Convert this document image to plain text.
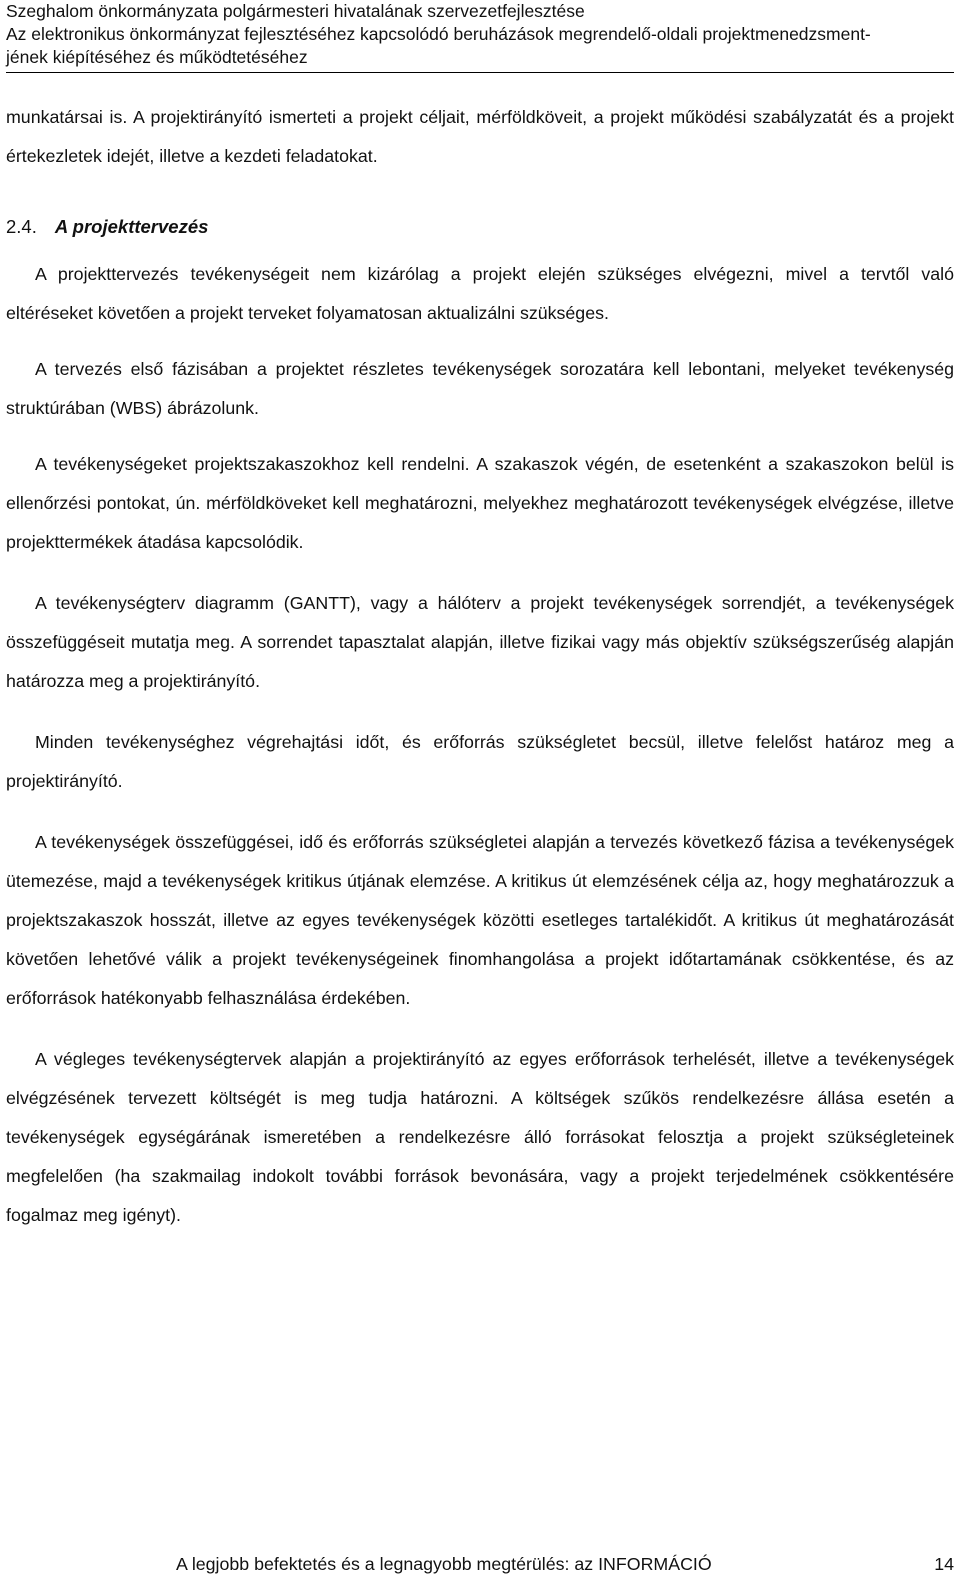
Szeghalom önkormányzata polgármesteri hivatalának szervezetfejlesztése
Az elektronikus önkormányzat fejlesztéséhez kapcsolódó beruházások megrendelő-oldali projektmenedzsment-
jének kiépítéséhez és működtetéséhez

munkatársai is. A projektirányító ismerteti a projekt céljait, mérföldköveit, a projekt működési szabályzatát és a projekt értekezletek idejét, illetve a kezdeti feladatokat.

2.4. A projekttervezés

A projekttervezés tevékenységeit nem kizárólag a projekt elején szükséges elvégezni, mivel a tervtől való eltéréseket követően a projekt terveket folyamatosan aktualizálni szükséges.

A tervezés első fázisában a projektet részletes tevékenységek sorozatára kell lebontani, melyeket tevékenység struktúrában (WBS) ábrázolunk.

A tevékenységeket projektszakaszokhoz kell rendelni. A szakaszok végén, de esetenként a szakaszokon belül is ellenőrzési pontokat, ún. mérföldköveket kell meghatározni, melyekhez meghatározott tevékenységek elvégzése, illetve projekttermékek átadása kapcsolódik.

A tevékenységterv diagramm (GANTT), vagy a hálóterv a projekt tevékenységek sorrendjét, a tevékenységek összefüggéseit mutatja meg. A sorrendet tapasztalat alapján, illetve fizikai vagy más objektív szükségszerűség alapján határozza meg a projektirányító.

Minden tevékenységhez végrehajtási időt, és erőforrás szükségletet becsül, illetve felelőst határoz meg a projektirányító.

A tevékenységek összefüggései, idő és erőforrás szükségletei alapján a tervezés következő fázisa a tevékenységek ütemezése, majd a tevékenységek kritikus útjának elemzése. A kritikus út elemzésének célja az, hogy meghatározzuk a projektszakaszok hosszát, illetve az egyes tevékenységek közötti esetleges tartalékidőt. A kritikus út meghatározását követően lehetővé válik a projekt tevékenységeinek finomhangolása a projekt időtartamának csökkentése, és az erőforrások hatékonyabb felhasználása érdekében.

A végleges tevékenységtervek alapján a projektirányító az egyes erőforrások terhelését, illetve a tevékenységek elvégzésének tervezett költségét is meg tudja határozni. A költségek szűkös rendelkezésre állása esetén a tevékenységek egységárának ismeretében a rendelkezésre álló forrásokat felosztja a projekt szükségleteinek megfelelően (ha szakmailag indokolt további források bevonására, vagy a projekt terjedelmének csökkentésére fogalmaz meg igényt).

A legjobb befektetés és a legnagyobb megtérülés: az INFORMÁCIÓ	14
